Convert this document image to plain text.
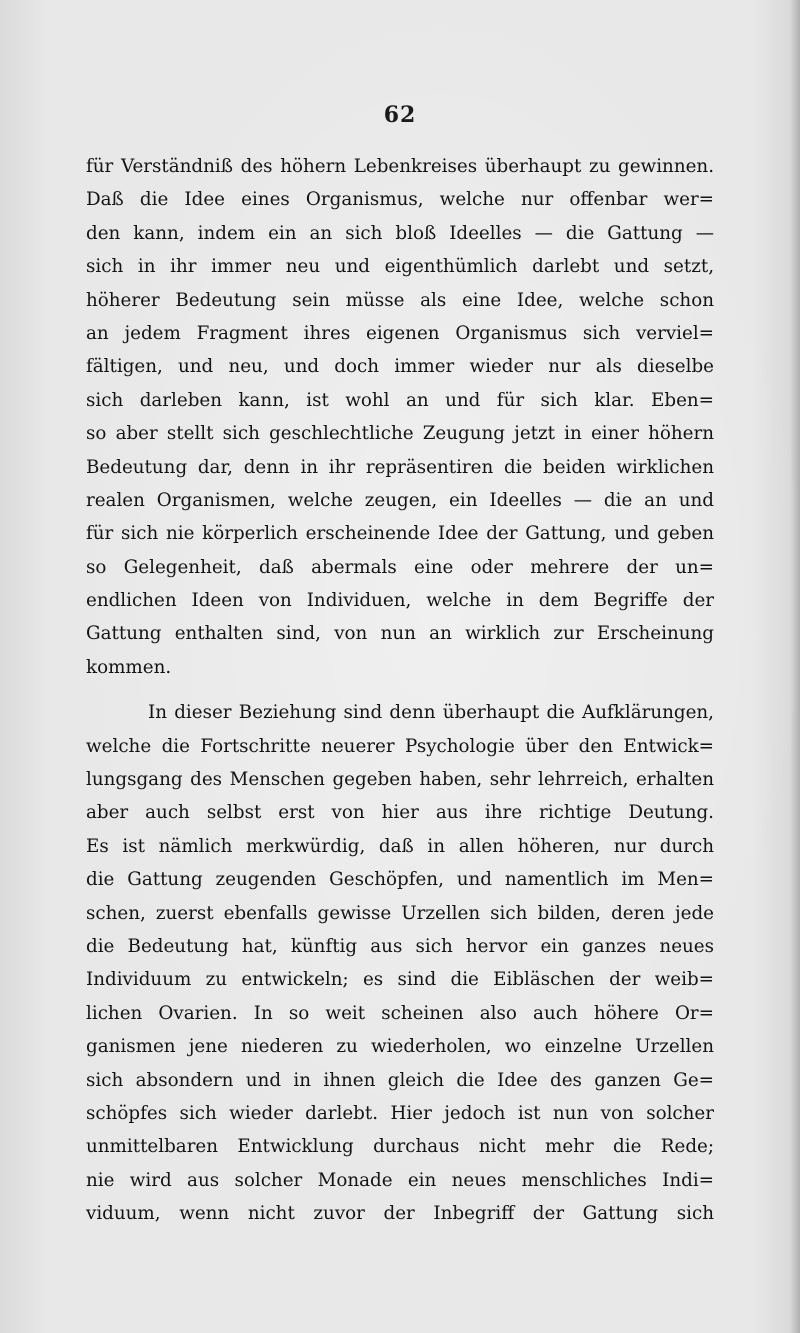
62
für Verständniß des höhern Lebenkreises überhaupt zu gewinnen.
Daß die Idee eines Organismus, welche nur offenbar wer=
den kann, indem ein an sich bloß Ideelles — die Gattung —
sich in ihr immer neu und eigenthümlich darlebt und setzt,
höherer Bedeutung sein müsse als eine Idee, welche schon
an jedem Fragment ihres eigenen Organismus sich verviel=
fältigen, und neu, und doch immer wieder nur als dieselbe
sich darleben kann, ist wohl an und für sich klar. Eben=
so aber stellt sich geschlechtliche Zeugung jetzt in einer höhern
Bedeutung dar, denn in ihr repräsentiren die beiden wirklichen
realen Organismen, welche zeugen, ein Ideelles — die an und
für sich nie körperlich erscheinende Idee der Gattung, und geben
so Gelegenheit, daß abermals eine oder mehrere der un=
endlichen Ideen von Individuen, welche in dem Begriffe der
Gattung enthalten sind, von nun an wirklich zur Erscheinung
kommen.
In dieser Beziehung sind denn überhaupt die Aufklärungen,
welche die Fortschritte neuerer Psychologie über den Entwick=
lungsgang des Menschen gegeben haben, sehr lehrreich, erhalten
aber auch selbst erst von hier aus ihre richtige Deutung.
Es ist nämlich merkwürdig, daß in allen höheren, nur durch
die Gattung zeugenden Geschöpfen, und namentlich im Men=
schen, zuerst ebenfalls gewisse Urzellen sich bilden, deren jede
die Bedeutung hat, künftig aus sich hervor ein ganzes neues
Individuum zu entwickeln; es sind die Eibläschen der weib=
lichen Ovarien. In so weit scheinen also auch höhere Or=
ganismen jene niederen zu wiederholen, wo einzelne Urzellen
sich absondern und in ihnen gleich die Idee des ganzen Ge=
schöpfes sich wieder darlebt. Hier jedoch ist nun von solcher
unmittelbaren Entwicklung durchaus nicht mehr die Rede;
nie wird aus solcher Monade ein neues menschliches Indi=
viduum, wenn nicht zuvor der Inbegriff der Gattung sich
